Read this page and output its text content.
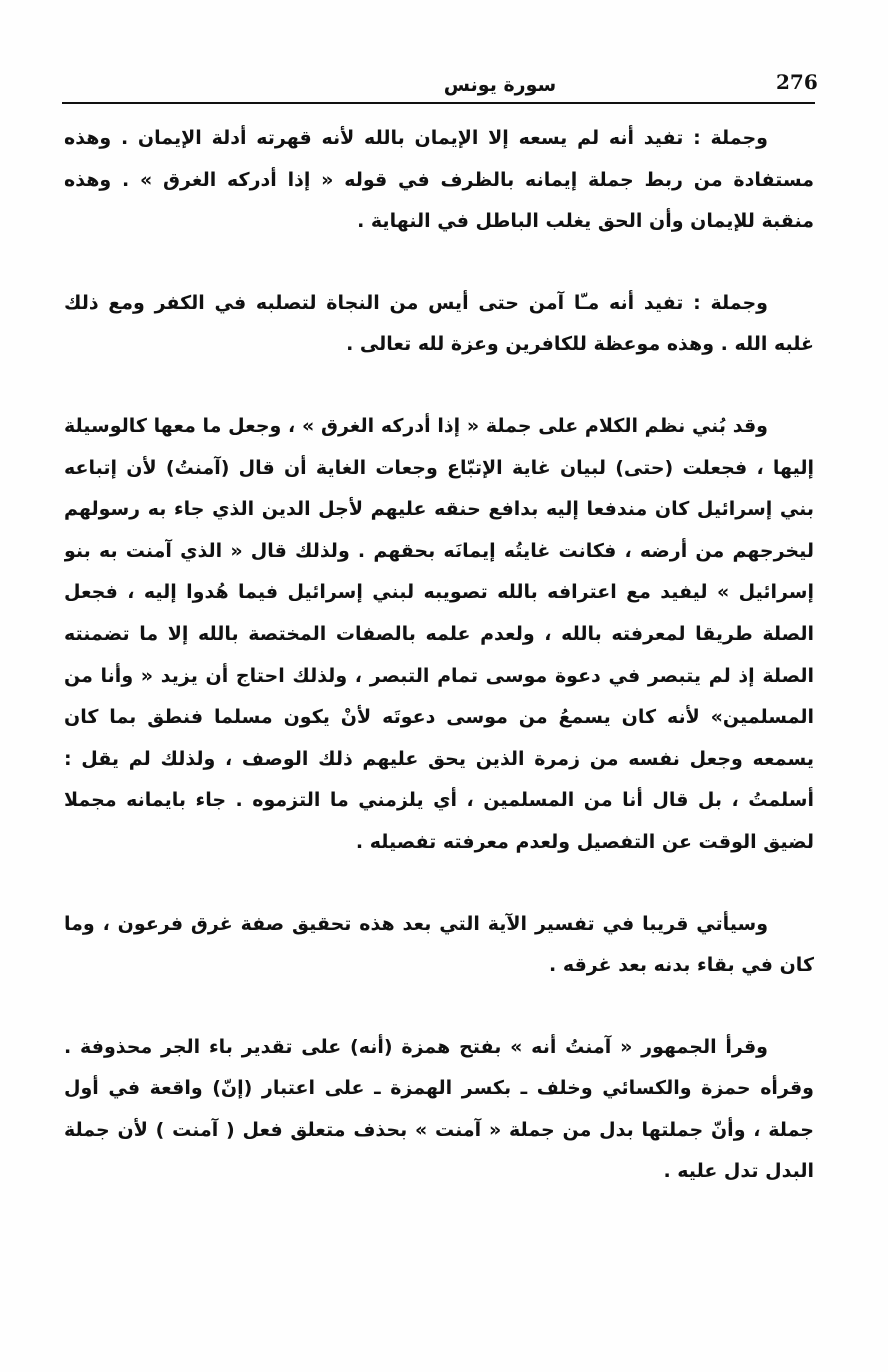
276
سورة يونس

وجملة : تفيد أنه لم يسعه إلا الإيمان بالله لأنه قهرته أدلة الإيمان . وهذه مستفادة من ربط جملة إيمانه بالظرف في قوله « إذا أدركه الغرق » . وهذه منقبة للإيمان وأن الحق يغلب الباطل في النهاية .

وجملة : تفيد أنه مـّا آمن حتى أيس من النجاة لتصلبه في الكفر ومع ذلك غلبه الله . وهذه موعظة للكافرين وعزة لله تعالى .

وقد بُني نظم الكلام على جملة « إذا أدركه الغرق » ، وجعل ما معها كالوسيلة إليها ، فجعلت (حتى) لبيان غاية الإتبّاع وجعات الغاية أن قال (آمنتُ) لأن إتباعه بني إسرائيل كان مندفعا إليه بدافع حنقه عليهم لأجل الدين الذي جاء به رسولهم ليخرجهم من أرضه ، فكانت غايتُه إيمانَه بحقهم . ولذلك قال « الذي آمنت به بنو إسرائيل » ليفيد مع اعترافه بالله تصويبه لبني إسرائيل فيما هُدوا إليه ، فجعل الصلة طريقا لمعرفته بالله ، ولعدم علمه بالصفات المختصة بالله إلا ما تضمنته الصلة إذ لم يتبصر في دعوة موسى تمام التبصر ، ولذلك احتاج أن يزيد « وأنا من المسلمين» لأنه كان يسمعُ من موسى دعوتَه لأنْ يكون مسلما فنطق بما كان يسمعه وجعل نفسه من زمرة الذين يحق عليهم ذلك الوصف ، ولذلك لم يقل : أسلمتُ ، بل قال أنا من المسلمين ، أي يلزمني ما التزموه . جاء بايمانه مجملا لضيق الوقت عن التفصيل ولعدم معرفته تفصيله .

وسيأتي قريبا في تفسير الآية التي بعد هذه تحقيق صفة غرق فرعون ، وما كان في بقاء بدنه بعد غرقه .

وقرأ الجمهور « آمنتُ أنه » بفتح همزة (أنه) على تقدير باء الجر محذوفة . وقرأه حمزة والكسائي وخلف ـ بكسر الهمزة ـ على اعتبار (إنّ) واقعة في أول جملة ، وأنّ جملتها بدل من جملة « آمنت » بحذف متعلق فعل ( آمنت ) لأن جملة البدل تدل عليه .
